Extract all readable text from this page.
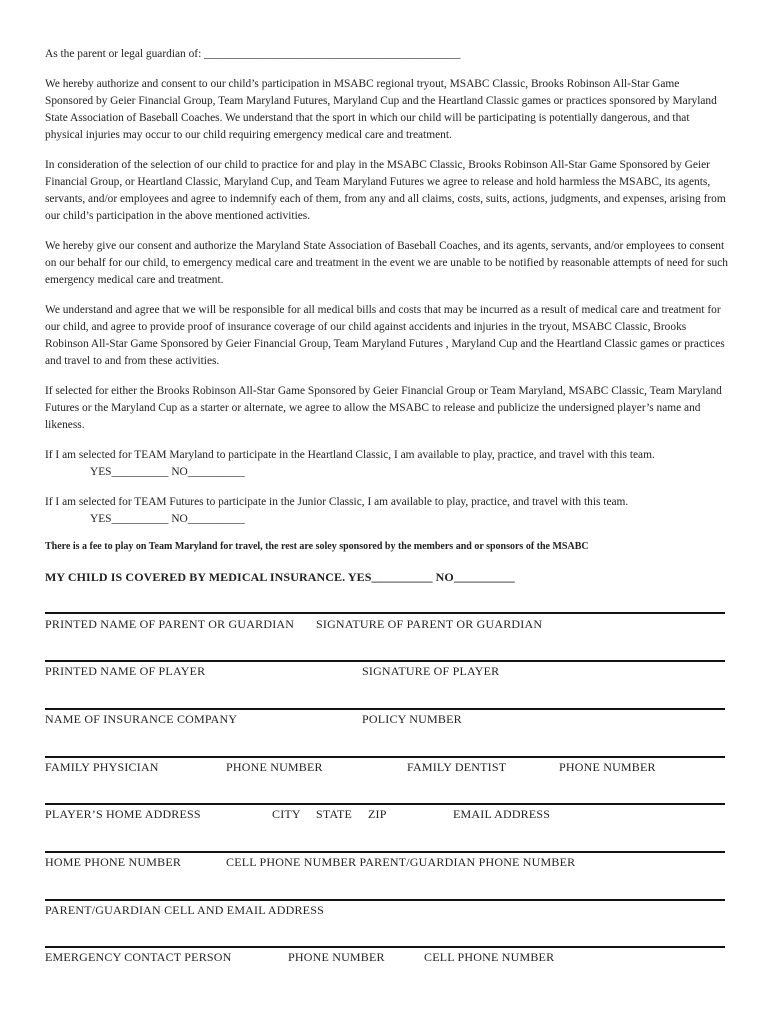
As the parent or legal guardian of: _____________________________________________

We hereby authorize and consent to our child’s participation in MSABC regional tryout, MSABC Classic, Brooks Robinson All-Star Game Sponsored by Geier Financial Group, Team Maryland Futures, Maryland Cup and the Heartland Classic games or practices sponsored by Maryland State Association of Baseball Coaches. We understand that the sport in which our child will be participating is potentially dangerous, and that physical injuries may occur to our child requiring emergency medical care and treatment.

In consideration of the selection of our child to practice for and play in the MSABC Classic, Brooks Robinson All-Star Game Sponsored by Geier Financial Group, or Heartland Classic, Maryland Cup, and Team Maryland Futures we agree to release and hold harmless the MSABC, its agents, servants, and/or employees and agree to indemnify each of them, from any and all claims, costs, suits, actions, judgments, and expenses, arising from our child’s participation in the above mentioned activities.

We hereby give our consent and authorize the Maryland State Association of Baseball Coaches, and its agents, servants, and/or employees to consent on our behalf for our child, to emergency medical care and treatment in the event we are unable to be notified by reasonable attempts of need for such emergency medical care and treatment.

We understand and agree that we will be responsible for all medical bills and costs that may be incurred as a result of medical care and treatment for our child, and agree to provide proof of insurance coverage of our child against accidents and injuries in the tryout, MSABC Classic, Brooks Robinson All-Star Game Sponsored by Geier Financial Group, Team Maryland Futures , Maryland Cup and the Heartland Classic games or practices and travel to and from these activities.

If selected for either the Brooks Robinson All-Star Game Sponsored by Geier Financial Group or Team Maryland, MSABC Classic, Team Maryland Futures or the Maryland Cup as a starter or alternate, we agree to allow the MSABC to release and publicize the undersigned player’s name and likeness.

If I am selected for TEAM Maryland to participate in the Heartland Classic, I am available to play, practice, and travel with this team.
YES__________ NO__________
If I am selected for TEAM Futures to participate in the Junior Classic, I am available to play, practice, and travel with this team.
YES__________ NO__________

There is a fee to play on Team Maryland for travel, the rest are soley sponsored by the members and or sponsors of the MSABC

MY CHILD IS COVERED BY MEDICAL INSURANCE. YES__________ NO__________

PRINTED NAME OF PARENT OR GUARDIAN SIGNATURE OF PARENT OR GUARDIAN
PRINTED NAME OF PLAYER	SIGNATURE OF PLAYER
NAME OF INSURANCE COMPANY	POLICY NUMBER
FAMILY PHYSICIAN	PHONE NUMBER	FAMILY DENTIST	PHONE NUMBER
PLAYER’S HOME ADDRESS	CITY STATE ZIP	EMAIL ADDRESS
HOME PHONE NUMBER	CELL PHONE NUMBER PARENT/GUARDIAN PHONE NUMBER
PARENT/GUARDIAN CELL AND EMAIL ADDRESS
EMERGENCY CONTACT PERSON	PHONE NUMBER	CELL PHONE NUMBER
